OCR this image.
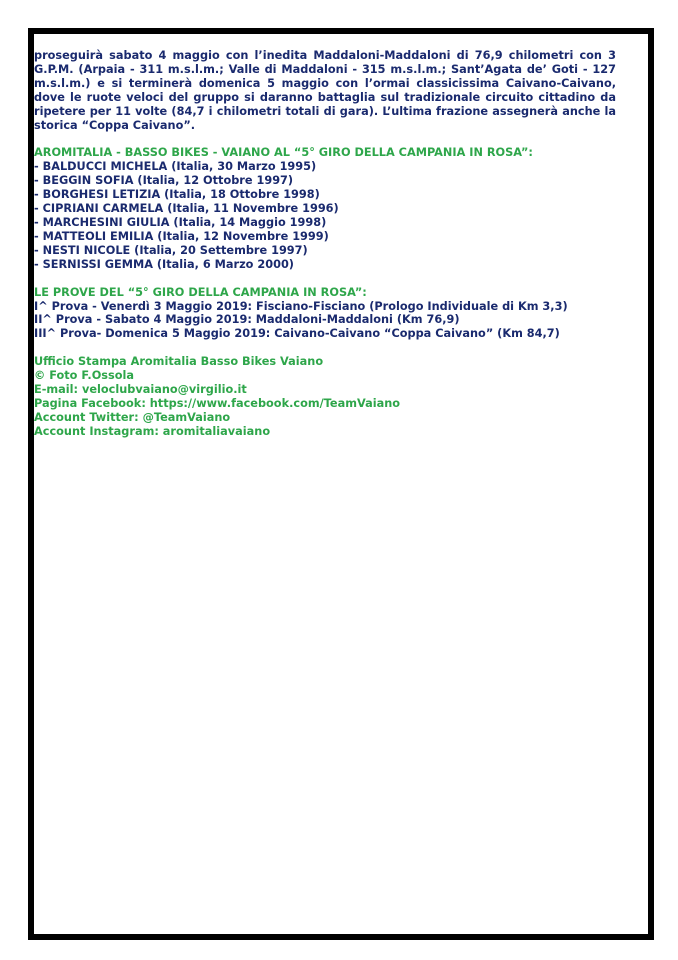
proseguirà sabato 4 maggio con l’inedita Maddaloni-Maddaloni di 76,9 chilometri con 3 G.P.M. (Arpaia - 311 m.s.l.m.; Valle di Maddaloni - 315 m.s.l.m.; Sant’Agata de’ Goti - 127 m.s.l.m.) e si terminerà domenica 5 maggio con l’ormai classicissima Caivano-Caivano, dove le ruote veloci del gruppo si daranno battaglia sul tradizionale circuito cittadino da ripetere per 11 volte (84,7 i chilometri totali di gara). L’ultima frazione assegnerà anche la storica “Coppa Caivano”.

AROMITALIA - BASSO BIKES - VAIANO AL “5° GIRO DELLA CAMPANIA IN ROSA”:
- BALDUCCI MICHELA (Italia, 30 Marzo 1995)
- BEGGIN SOFIA (Italia, 12 Ottobre 1997)
- BORGHESI LETIZIA (Italia, 18 Ottobre 1998)
- CIPRIANI CARMELA (Italia, 11 Novembre 1996)
- MARCHESINI GIULIA (Italia, 14 Maggio 1998)
- MATTEOLI EMILIA (Italia, 12 Novembre 1999)
- NESTI NICOLE (Italia, 20 Settembre 1997)
- SERNISSI GEMMA (Italia, 6 Marzo 2000)
LE PROVE DEL “5° GIRO DELLA CAMPANIA IN ROSA”:
I^ Prova - Venerdì 3 Maggio 2019: Fisciano-Fisciano (Prologo Individuale di Km 3,3)
II^ Prova - Sabato 4 Maggio 2019: Maddaloni-Maddaloni (Km 76,9)
III^ Prova- Domenica 5 Maggio 2019: Caivano-Caivano “Coppa Caivano” (Km 84,7)
Ufficio Stampa Aromitalia Basso Bikes Vaiano
© Foto F.Ossola
E-mail: veloclubvaiano@virgilio.it
Pagina Facebook: https://www.facebook.com/TeamVaiano
Account Twitter: @TeamVaiano
Account Instagram: aromitaliavaiano
